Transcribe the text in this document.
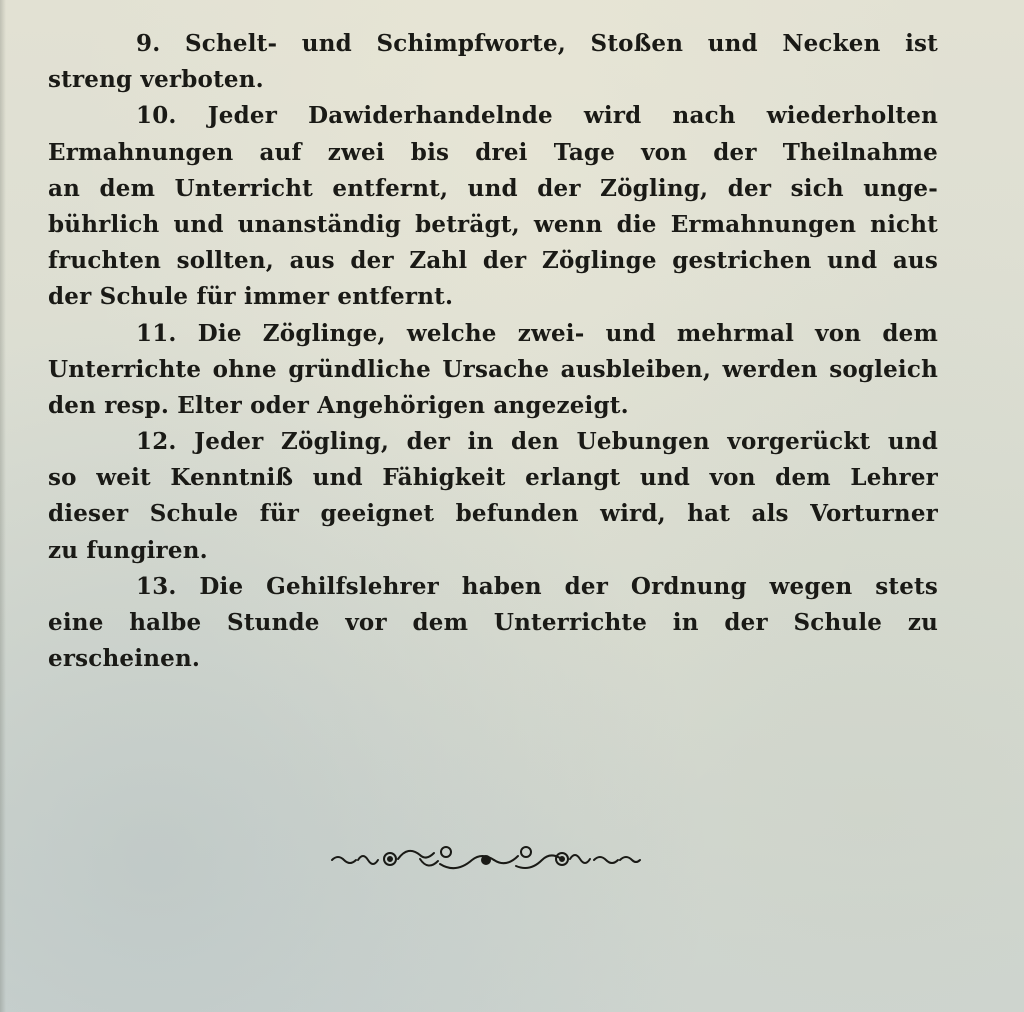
9. Schelt- und Schimpfworte, Stoßen und Necken ist
streng verboten.
10. Jeder Dawiderhandelnde wird nach wiederholten
Ermahnungen auf zwei bis drei Tage von der Theilnahme
an dem Unterricht entfernt, und der Zögling, der sich unge-
bührlich und unanständig beträgt, wenn die Ermahnungen nicht
fruchten sollten, aus der Zahl der Zöglinge gestrichen und aus
der Schule für immer entfernt.
11. Die Zöglinge, welche zwei- und mehrmal von dem
Unterrichte ohne gründliche Ursache ausbleiben, werden sogleich
den resp. Elter oder Angehörigen angezeigt.
12. Jeder Zögling, der in den Uebungen vorgerückt und
so weit Kenntniß und Fähigkeit erlangt und von dem Lehrer
dieser Schule für geeignet befunden wird, hat als Vorturner
zu fungiren.
13. Die Gehilfslehrer haben der Ordnung wegen stets
eine halbe Stunde vor dem Unterrichte in der Schule zu
erscheinen.
